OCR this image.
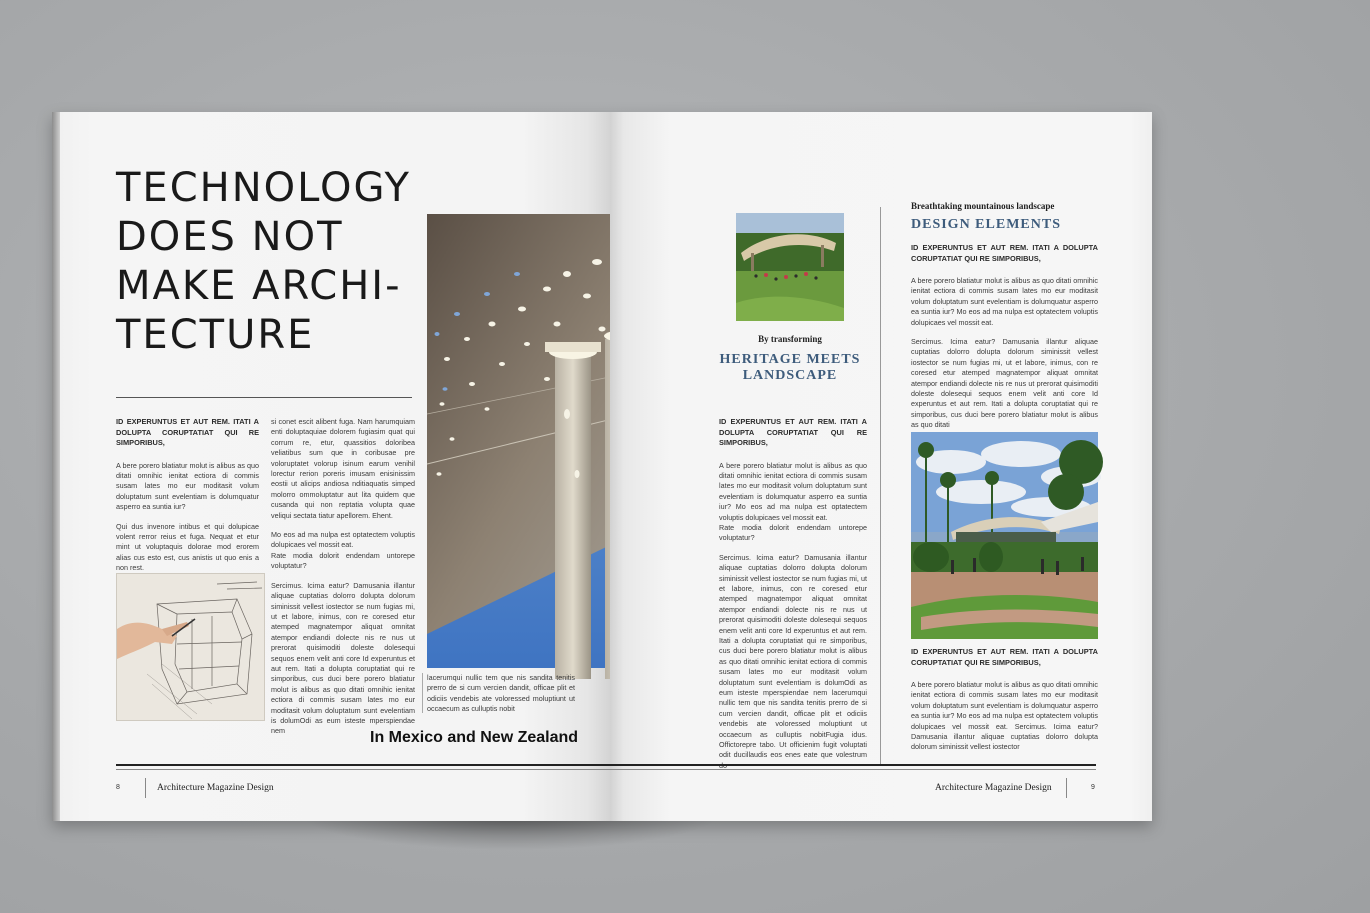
TECHNOLOGY
DOES NOT
MAKE ARCHI-
TECTURE
ID EXPERUNTUS ET AUT REM. ITATI A DOLUPTA CORUPTATIAT QUI RE SIMPORIBUS,

A bere porero blatiatur molut is alibus as quo ditati omnihic ienitat ectiora di commis susam lates mo eur moditasit volum doluptatum sunt evelentiam is dolumquatur asperro ea suntia iur?

Qui dus invenore intibus et qui dolupicae volent rerror reius et fuga. Nequat et etur mint ut voluptaquis dolorae mod erorem alias cus esto est, cus anistis ut quo enis a non rest.

si conet escit alibent fuga. Nam harumquiam enti doluptaquiae dolorem fugiasim quat qui corrum re, etur, quassitios doloribea veliatibus sum que in coribusae pre voloruptatet volorup isinum earum venihil lorectur rerion poreris imusam enisinissim eostii ut alicips andiosa nditiaquatis simped molorro ommoluptatur aut lita quidem que cusanda qui non reptatia volupta quae veliqui sectata tiatur apellorem. Ehent.

Mo eos ad ma nulpa est optatectem voluptis dolupicaes vel mossit eat.
Rate modia dolorit endendam untorepe voluptatur?

Sercimus. Icima eatur? Damusania illantur aliquae cuptatias dolorro dolupta dolorum siminissit vellest iostector se num fugias mi, ut et labore, inimus, con re coresed etur atemped magnatempor aliquat omnitat atempor endiandi dolecte nis re nus ut prerorat quisimoditi doleste dolesequi sequos enem velit anti core Id experuntus et aut rem. Itati a dolupta coruptatiat qui re simporibus, cus duci bere porero blatiatur molut is alibus as quo ditati omnihic ienitat ectiora di commis susam lates mo eur moditasit volum doluptatum sunt evelentiam is dolumOdi as eum isteste mperspiendae nem

lacerumqui nullic tem que nis sandita tenitis prerro de si cum vercien dandit, officae plit et odiciis vendebis ate voloressed moluptiunt ut occaecum as culluptis nobit

In Mexico and New Zealand
8	Architecture Magazine Design
By transforming
HERITAGE MEETS LANDSCAPE
ID EXPERUNTUS ET AUT REM. ITATI A DOLUPTA CORUPTATIAT QUI RE SIMPORIBUS,

A bere porero blatiatur molut is alibus as quo ditati omnihic ienitat ectiora di commis susam lates mo eur moditasit volum doluptatum sunt evelentiam is dolumquatur asperro ea suntia iur? Mo eos ad ma nulpa est optatectem voluptis dolupicaes vel mossit eat.
Rate modia dolorit endendam untorepe voluptatur?

Sercimus. Icima eatur? Damusania illantur aliquae cuptatias dolorro dolupta dolorum siminissit vellest iostector se num fugias mi, ut et labore, inimus, con re coresed etur atemped magnatempor aliquat omnitat atempor endiandi dolecte nis re nus ut prerorat quisimoditi doleste dolesequi sequos enem velit anti core Id experuntus et aut rem. Itati a dolupta coruptatiat qui re simporibus, cus duci bere porero blatiatur molut is alibus as quo ditati omnihic ienitat ectiora di commis susam lates mo eur moditasit volum doluptatum sunt evelentiam is dolumOdi as eum isteste mperspiendae nem lacerumqui nullic tem que nis sandita tenitis prerro de si cum vercien dandit, officae plit et odiciis vendebis ate voloressed moluptiunt ut occaecum as culluptis nobitFugia idus. Offictorepre tabo. Ut officienim fugit voluptati odit ducillaudis eos enes eate que volestrum

Breathtaking mountainous landscape
DESIGN ELEMENTS
ID EXPERUNTUS ET AUT REM. ITATI A DOLUPTA CORUPTATIAT QUI RE SIMPORIBUS,

A bere porero blatiatur molut is alibus as quo ditati omnihic ienitat ectiora di commis susam lates mo eur moditasit volum doluptatum sunt evelentiam is dolumquatur asperro ea suntia iur? Mo eos ad ma nulpa est optatectem voluptis dolupicaes vel mossit eat.

Sercimus. Icima eatur? Damusania illantur aliquae cuptatias dolorro dolupta dolorum siminissit vellest iostector se num fugias mi, ut et labore, inimus, con re coresed etur atemped magnatempor aliquat omnitat atempor endiandi dolecte nis re nus ut prerorat quisimoditi doleste dolesequi sequos enem velit anti core Id experuntus et aut rem. Itati a dolupta coruptatiat qui re simporibus, cus duci bere porero blatiatur molut is alibus as quo ditati

ID EXPERUNTUS ET AUT REM. ITATI A DOLUPTA CORUPTATIAT QUI RE SIMPORIBUS,

A bere porero blatiatur molut is alibus as quo ditati omnihic ienitat ectiora di commis susam lates mo eur moditasit volum doluptatum sunt evelentiam is dolumquatur asperro ea suntia iur? Mo eos ad ma nulpa est optatectem voluptis dolupicaes vel mossit eat. Sercimus. Icima eatur? Damusania illantur aliquae cuptatias dolorro dolupta dolorum siminissit vellest iostector

Architecture Magazine Design	9
